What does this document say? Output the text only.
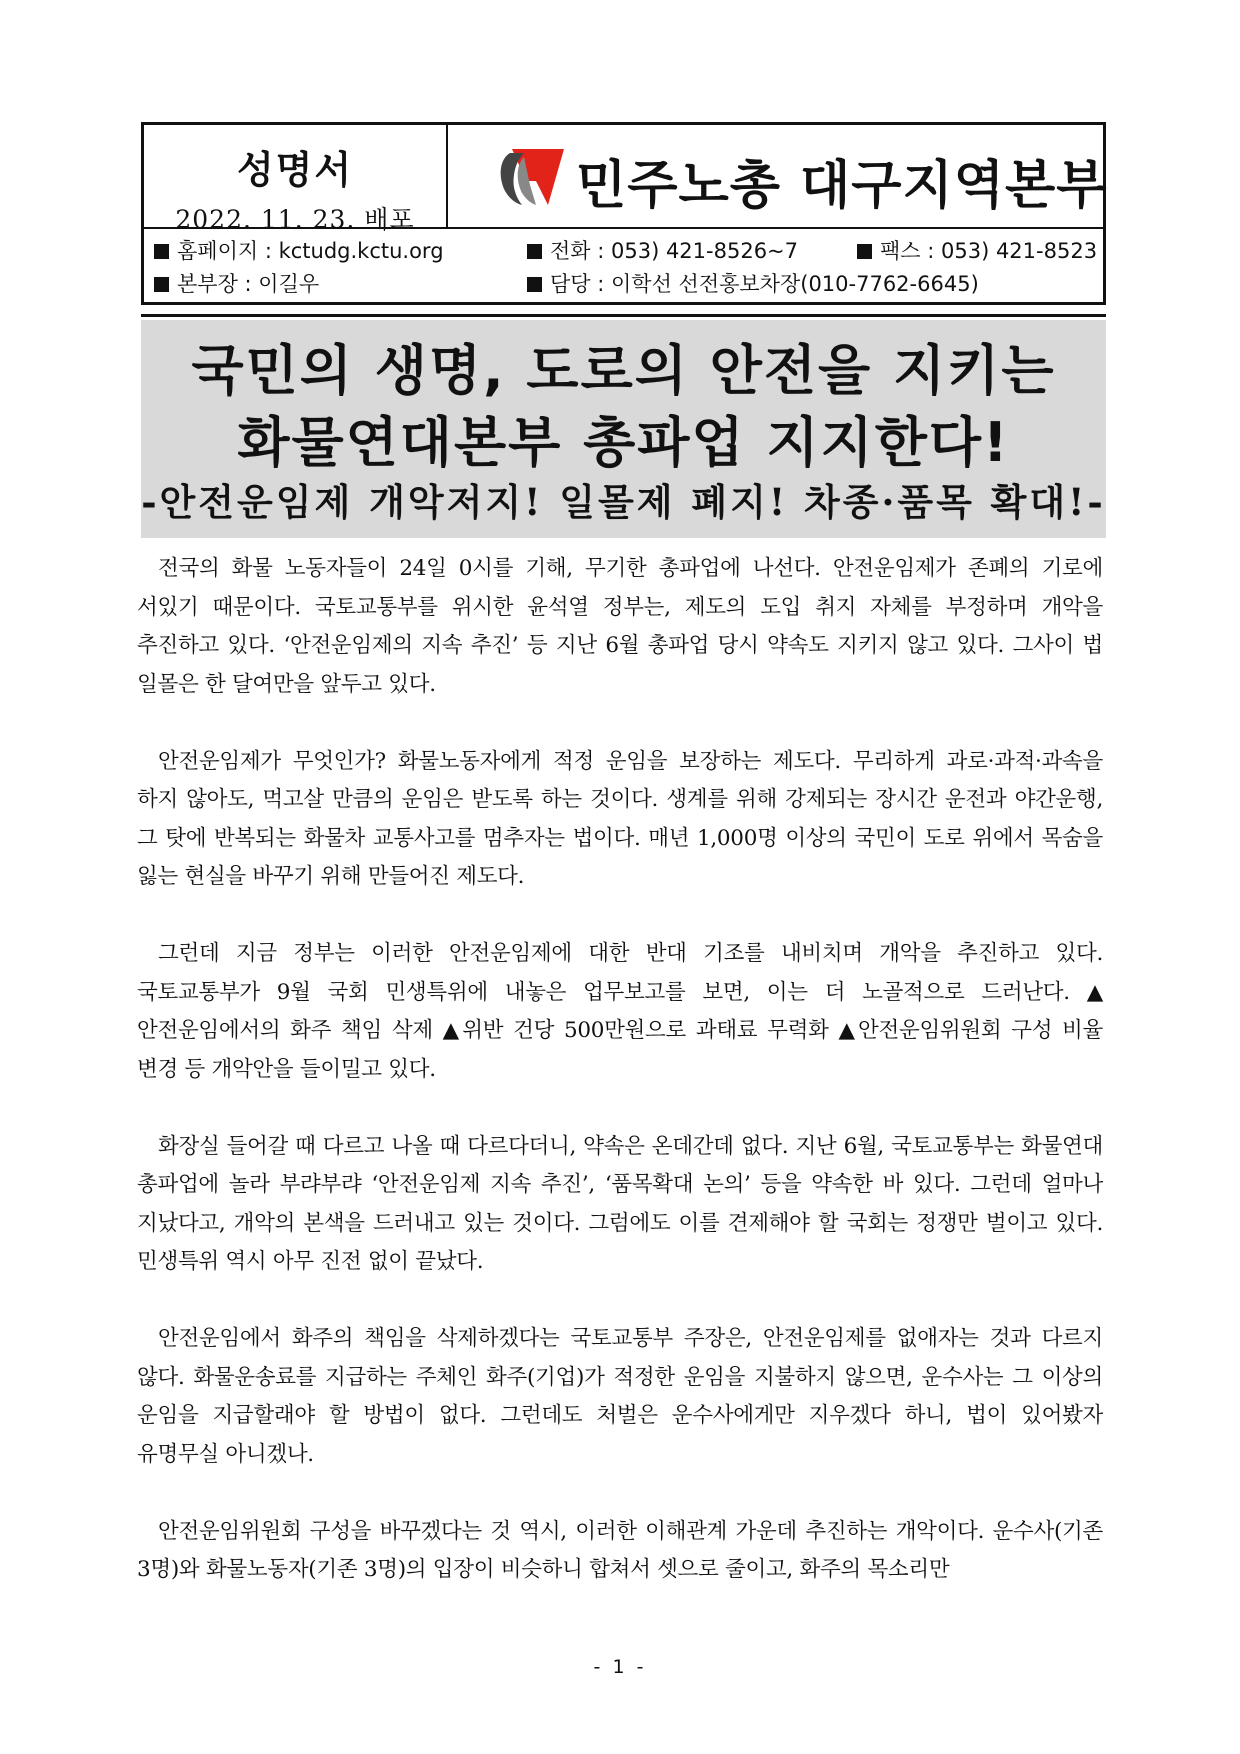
성명서
2022. 11. 23. 배포
민주노총 대구지역본부
홈페이지 : kctudg.kctu.org	전화 : 053) 421-8526~7	팩스 : 053) 421-8523
본부장 : 이길우	담당 : 이학선 선전홍보차장(010-7762-6645)
국민의 생명, 도로의 안전을 지키는
화물연대본부 총파업 지지한다!
-안전운임제 개악저지! 일몰제 폐지! 차종·품목 확대!-

전국의 화물 노동자들이 24일 0시를 기해, 무기한 총파업에 나선다. 안전운임제가 존폐의 기로에 서있기 때문이다. 국토교통부를 위시한 윤석열 정부는, 제도의 도입 취지 자체를 부정하며 개악을 추진하고 있다. ‘안전운임제의 지속 추진’ 등 지난 6월 총파업 당시 약속도 지키지 않고 있다. 그사이 법 일몰은 한 달여만을 앞두고 있다.

안전운임제가 무엇인가? 화물노동자에게 적정 운임을 보장하는 제도다. 무리하게 과로·과적·과속을 하지 않아도, 먹고살 만큼의 운임은 받도록 하는 것이다. 생계를 위해 강제되는 장시간 운전과 야간운행, 그 탓에 반복되는 화물차 교통사고를 멈추자는 법이다. 매년 1,000명 이상의 국민이 도로 위에서 목숨을 잃는 현실을 바꾸기 위해 만들어진 제도다.

그런데 지금 정부는 이러한 안전운임제에 대한 반대 기조를 내비치며 개악을 추진하고 있다. 국토교통부가 9월 국회 민생특위에 내놓은 업무보고를 보면, 이는 더 노골적으로 드러난다. ▲안전운임에서의 화주 책임 삭제 ▲위반 건당 500만원으로 과태료 무력화 ▲안전운임위원회 구성 비율 변경 등 개악안을 들이밀고 있다.

화장실 들어갈 때 다르고 나올 때 다르다더니, 약속은 온데간데 없다. 지난 6월, 국토교통부는 화물연대 총파업에 놀라 부랴부랴 ‘안전운임제 지속 추진’, ‘품목확대 논의’ 등을 약속한 바 있다. 그런데 얼마나 지났다고, 개악의 본색을 드러내고 있는 것이다. 그럼에도 이를 견제해야 할 국회는 정쟁만 벌이고 있다. 민생특위 역시 아무 진전 없이 끝났다.

안전운임에서 화주의 책임을 삭제하겠다는 국토교통부 주장은, 안전운임제를 없애자는 것과 다르지 않다. 화물운송료를 지급하는 주체인 화주(기업)가 적정한 운임을 지불하지 않으면, 운수사는 그 이상의 운임을 지급할래야 할 방법이 없다. 그런데도 처벌은 운수사에게만 지우겠다 하니, 법이 있어봤자 유명무실 아니겠나.

안전운임위원회 구성을 바꾸겠다는 것 역시, 이러한 이해관계 가운데 추진하는 개악이다. 운수사(기존 3명)와 화물노동자(기존 3명)의 입장이 비슷하니 합쳐서 셋으로 줄이고, 화주의 목소리만

- 1 -
